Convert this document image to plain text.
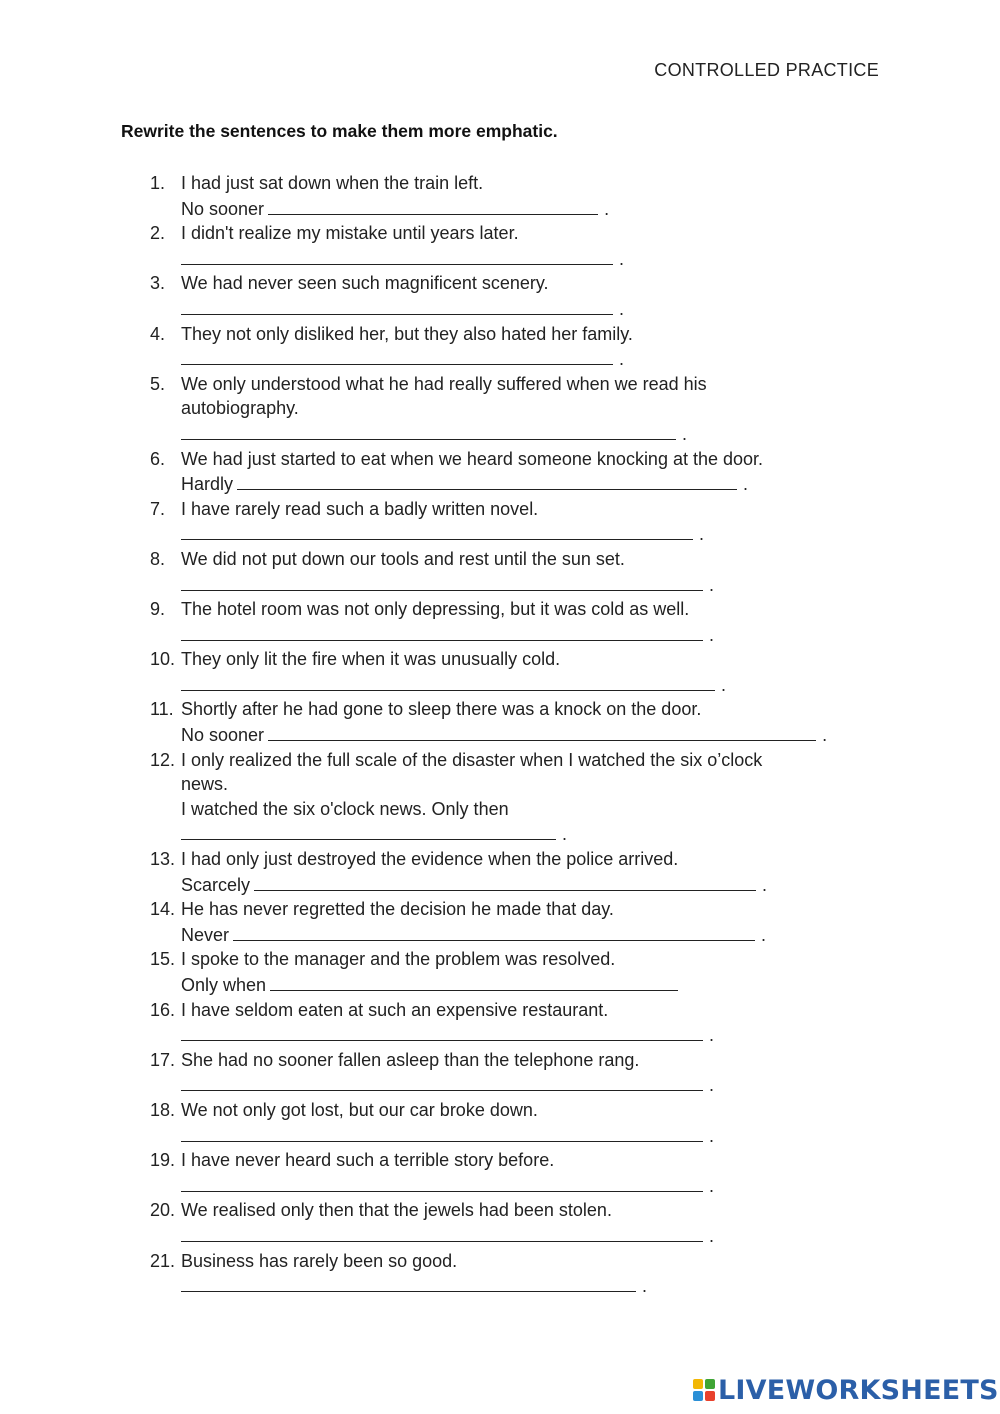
CONTROLLED PRACTICE
Rewrite the sentences to make them more emphatic.
1. I had just sat down when the train left.
No sooner	.
2. I didn't realize my mistake until years later.
.
3. We had never seen such magnificent scenery.
.
4. They not only disliked her, but they also hated her family.
.
5. We only understood what he had really suffered when we read his
autobiography.
.
6. We had just started to eat when we heard someone knocking at the door.
Hardly	.
7. I have rarely read such a badly written novel.
.
8. We did not put down our tools and rest until the sun set.
.
9. The hotel room was not only depressing, but it was cold as well.
.
10. They only lit the fire when it was unusually cold.
.
11. Shortly after he had gone to sleep there was a knock on the door.
No sooner	.
12. I only realized the full scale of the disaster when I watched the six o’clock
news.
I watched the six o'clock news. Only then
.
13. I had only just destroyed the evidence when the police arrived.
Scarcely	.
14. He has never regretted the decision he made that day.
Never	.
15. I spoke to the manager and the problem was resolved.
Only when
16. I have seldom eaten at such an expensive restaurant.
.
17. She had no sooner fallen asleep than the telephone rang.
.
18. We not only got lost, but our car broke down.
.
19. I have never heard such a terrible story before.
.
20. We realised only then that the jewels had been stolen.
.
21. Business has rarely been so good.
.
LIVEWORKSHEETS
